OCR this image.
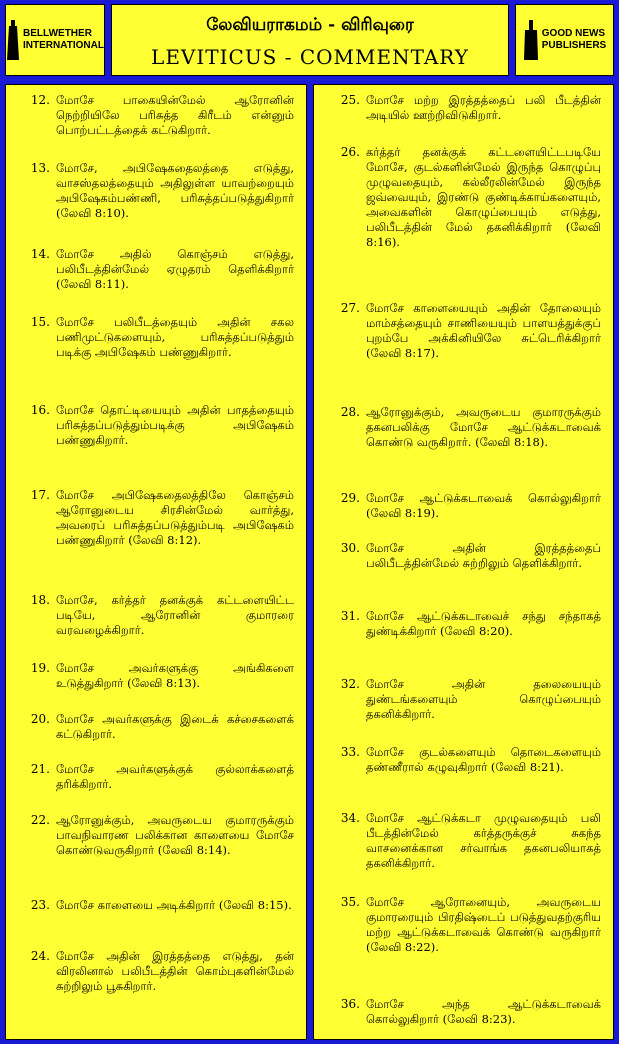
BELLWETHER
INTERNATIONAL
லேவியராகமம் - விரிவுரை
LEVITICUS - COMMENTARY
GOOD NEWS
PUBLISHERS
12. மோசே பாகையின்மேல் ஆரோனின் நெற்றியிலே பரிசுத்த கிரீடம் என்னும் பொற்பட்டத்தைக் கட்டுகிறார்.
13. மோசே, அபிஷேகதைலத்தை எடுத்து, வாசஸ்தலத்தையும் அதிலுள்ள யாவற்றையும் அபிஷேகம்பண்ணி, பரிசுத்தப்படுத்துகிறார் (லேவி 8:10).
14. மோசே அதில் கொஞ்சம் எடுத்து, பலிபீடத்தின்மேல் ஏழுதரம் தெளிக்கிறார் (லேவி 8:11).
15. மோசே பலிபீடத்தையும் அதின் சகல பணிமுட்டுகளையும், பரிசுத்தப்படுத்தும் படிக்கு அபிஷேகம் பண்ணுகிறார்.
16. மோசே தொட்டியையும் அதின் பாதத்தையும் பரிசுத்தப்படுத்தும்படிக்கு அபிஷேகம் பண்ணுகிறார்.
17. மோசே அபிஷேகதைலத்திலே கொஞ்சம் ஆரோனுடைய சிரசின்மேல் வார்த்து, அவரைப் பரிசுத்தப்படுத்தும்படி அபிஷேகம் பண்ணுகிறார் (லேவி 8:12).
18. மோசே, கர்த்தர் தனக்குக் கட்டளையிட்ட படியே, ஆரோனின் குமாரரை வரவழைக்கிறார்.
19. மோசே அவர்களுக்கு அங்கிகளை உடுத்துகிறார் (லேவி 8:13).
20. மோசே அவர்களுக்கு இடைக் கச்சைகளைக் கட்டுகிறார்.
21. மோசே அவர்களுக்குக் குல்லாக்களைத் தரிக்கிறார்.
22. ஆரோனுக்கும், அவருடைய குமாரருக்கும் பாவநிவாரண பலிக்கான காளையை மோசே கொண்டுவருகிறார் (லேவி 8:14).
23. மோசே காளையை அடிக்கிறார் (லேவி 8:15).
24. மோசே அதின் இரத்தத்தை எடுத்து, தன் விரலினால் பலிபீடத்தின் கொம்புகளின்மேல் சுற்றிலும் பூசுகிறார்.
25. மோசே மற்ற இரத்தத்தைப் பலி பீடத்தின் அடியில் ஊற்றிவிடுகிறார்.
26. கர்த்தர் தனக்குக் கட்டளையிட்டபடியே மோசே, குடல்களின்மேல் இருந்த கொழுப்பு முழுவதையும், கல்லீரலின்மேல் இருந்த ஜவ்வையும், இரண்டு குண்டிக்காய்களையும், அவைகளின் கொழுப்பையும் எடுத்து, பலிபீடத்தின் மேல் தகனிக்கிறார் (லேவி 8:16).
27. மோசே காளையையும் அதின் தோலையும் மாம்சத்தையும் சாணியையும் பாளயத்துக்குப் புறம்பே அக்கினியிலே சுட்டெரிக்கிறார் (லேவி 8:17).
28. ஆரோனுக்கும், அவருடைய குமாரருக்கும் தகனபலிக்கு மோசே ஆட்டுக்கடாவைக் கொண்டு வருகிறார். (லேவி 8:18).
29. மோசே ஆட்டுக்கடாவைக் கொல்லுகிறார் (லேவி 8:19).
30. மோசே அதின் இரத்தத்தைப் பலிபீடத்தின்மேல் சுற்றிலும் தெளிக்கிறார்.
31. மோசே ஆட்டுக்கடாவைச் சந்து சந்தாகத் துண்டிக்கிறார் (லேவி 8:20).
32. மோசே அதின் தலையையும் துண்டங்களையும் கொழுப்பையும் தகனிக்கிறார்.
33. மோசே குடல்களையும் தொடைகளையும் தண்ணீரால் கழுவுகிறார் (லேவி 8:21).
34. மோசே ஆட்டுக்கடா முழுவதையும் பலி பீடத்தின்மேல் கர்த்தருக்குச் சுகந்த வாசனைக்கான சர்வாங்க தகனபலியாகத் தகனிக்கிறார்.
35. மோசே ஆரோனையும், அவருடைய குமாரரையும் பிரதிஷ்டைப் படுத்துவதற்குரிய மற்ற ஆட்டுக்கடாவைக் கொண்டு வருகிறார் (லேவி 8:22).
36. மோசே அந்த ஆட்டுக்கடாவைக் கொல்லுகிறார் (லேவி 8:23).
